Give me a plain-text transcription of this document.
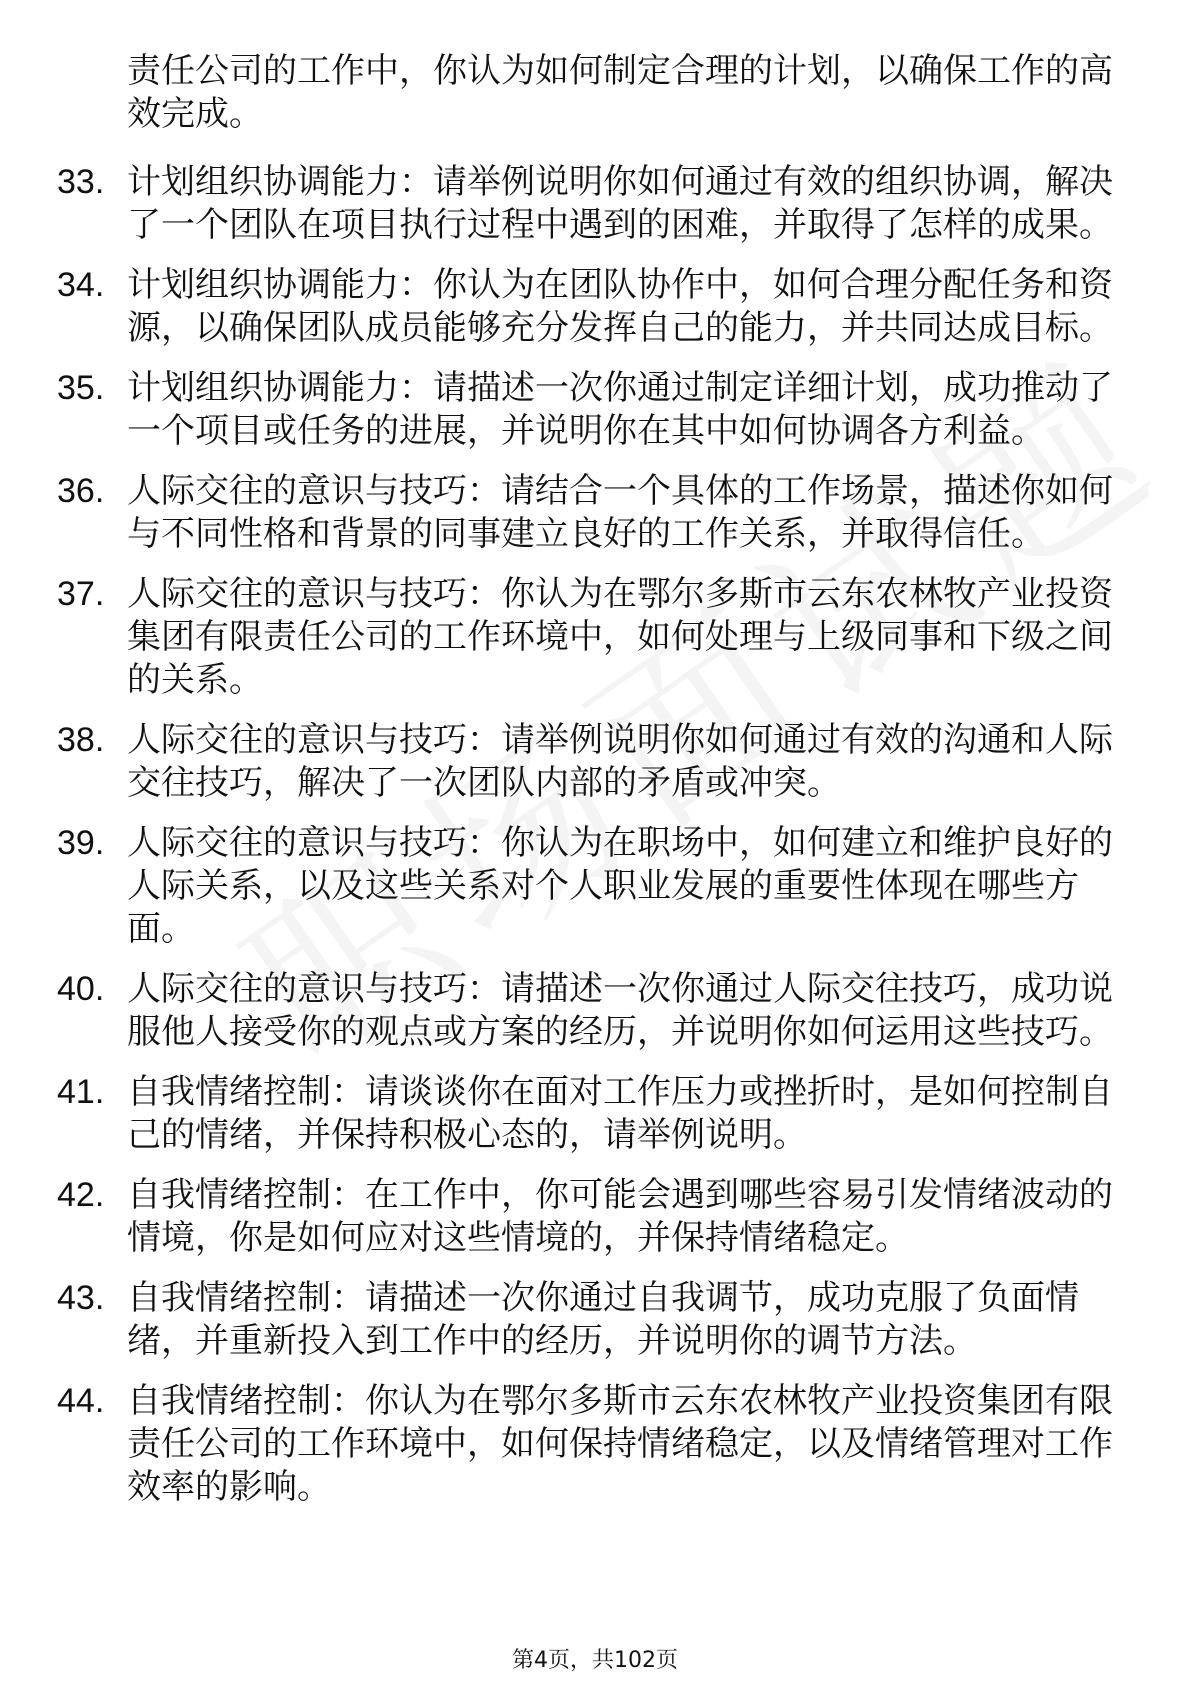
责任公司的工作中，你认为如何制定合理的计划，以确保工作的高效完成。
33. 计划组织协调能力：请举例说明你如何通过有效的组织协调，解决了一个团队在项目执行过程中遇到的困难，并取得了怎样的成果。
34. 计划组织协调能力：你认为在团队协作中，如何合理分配任务和资源，以确保团队成员能够充分发挥自己的能力，并共同达成目标。
35. 计划组织协调能力：请描述一次你通过制定详细计划，成功推动了一个项目或任务的进展，并说明你在其中如何协调各方利益。
36. 人际交往的意识与技巧：请结合一个具体的工作场景，描述你如何与不同性格和背景的同事建立良好的工作关系，并取得信任。
37. 人际交往的意识与技巧：你认为在鄂尔多斯市云东农林牧产业投资集团有限责任公司的工作环境中，如何处理与上级同事和下级之间的关系。
38. 人际交往的意识与技巧：请举例说明你如何通过有效的沟通和人际交往技巧，解决了一次团队内部的矛盾或冲突。
39. 人际交往的意识与技巧：你认为在职场中，如何建立和维护良好的人际关系，以及这些关系对个人职业发展的重要性体现在哪些方面。
40. 人际交往的意识与技巧：请描述一次你通过人际交往技巧，成功说服他人接受你的观点或方案的经历，并说明你如何运用这些技巧。
41. 自我情绪控制：请谈谈你在面对工作压力或挫折时，是如何控制自己的情绪，并保持积极心态的，请举例说明。
42. 自我情绪控制：在工作中，你可能会遇到哪些容易引发情绪波动的情境，你是如何应对这些情境的，并保持情绪稳定。
43. 自我情绪控制：请描述一次你通过自我调节，成功克服了负面情绪，并重新投入到工作中的经历，并说明你的调节方法。
44. 自我情绪控制：你认为在鄂尔多斯市云东农林牧产业投资集团有限责任公司的工作环境中，如何保持情绪稳定，以及情绪管理对工作效率的影响。
第4页，共102页
